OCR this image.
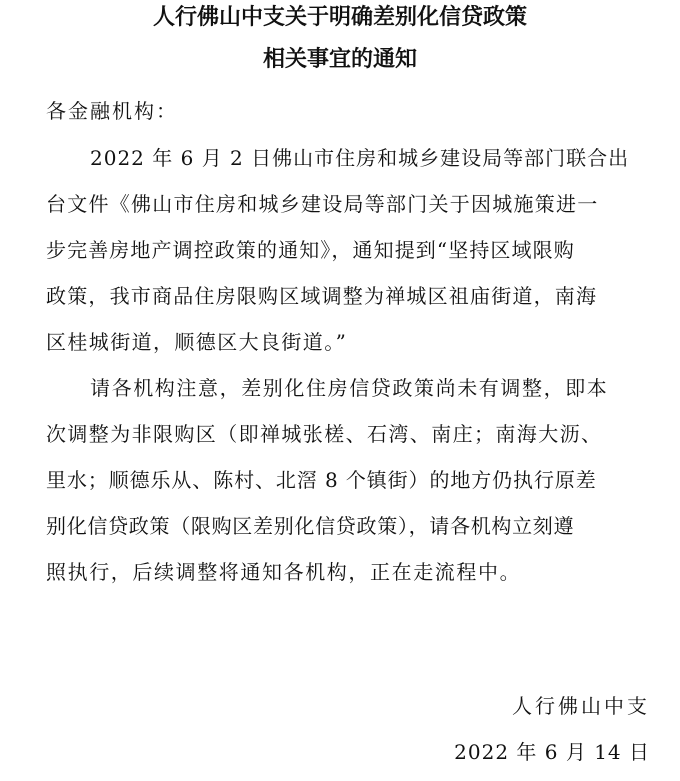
人行佛山中支关于明确差别化信贷政策
相关事宜的通知
各金融机构：
2022 年 6 月 2 日佛山市住房和城乡建设局等部门联合出
台文件《佛山市住房和城乡建设局等部门关于因城施策进一
步完善房地产调控政策的通知》，通知提到“坚持区域限购
政策，我市商品住房限购区域调整为禅城区祖庙街道，南海
区桂城街道，顺德区大良街道。”
请各机构注意，差别化住房信贷政策尚未有调整，即本
次调整为非限购区（即禅城张槎、石湾、南庄；南海大沥、
里水；顺德乐从、陈村、北滘 8 个镇街）的地方仍执行原差
别化信贷政策（限购区差别化信贷政策），请各机构立刻遵
照执行，后续调整将通知各机构，正在走流程中。
人行佛山中支
2022 年 6 月 14 日
